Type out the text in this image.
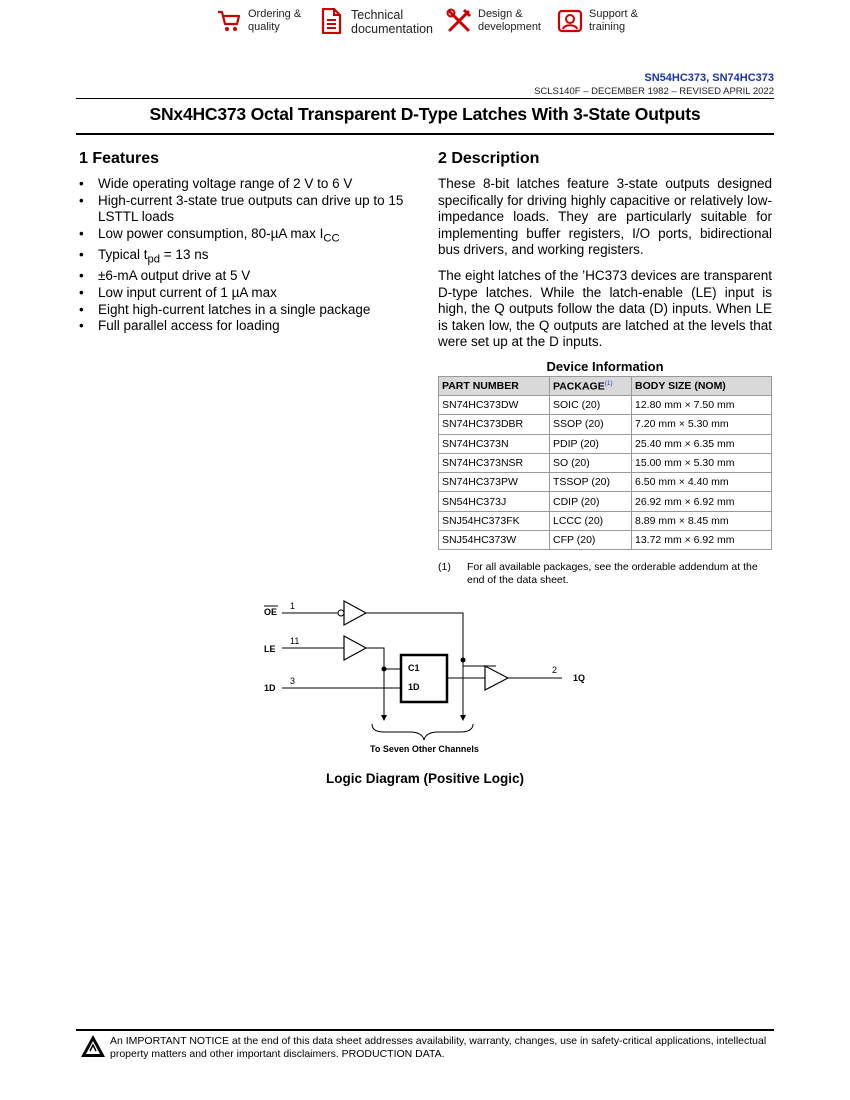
Ordering &
quality
Technical
documentation
Design &
development
Support &
training
SN54HC373, SN74HC373
SCLS140F – DECEMBER 1982 – REVISED APRIL 2022
SNx4HC373 Octal Transparent D-Type Latches With 3-State Outputs
1 Features
• Wide operating voltage range of 2 V to 6 V
• High-current 3-state true outputs can drive up to 15 LSTTL loads
• Low power consumption, 80-µA $\max I_{CC}$
• Typical $t_{pd} = 13$ ns
• ±6-mA output drive at 5 V
• Low input current of 1 µA max
• Eight high-current latches in a single package
• Full parallel access for loading
2 Description

These 8-bit latches feature 3-state outputs designed specifically for driving highly capacitive or relatively low-impedance loads. They are particularly suitable for implementing buffer registers, I/O ports, bidirectional bus drivers, and working registers.

The eight latches of the ’HC373 devices are transparent D-type latches. While the latch-enable (LE) input is high, the Q outputs follow the data (D) inputs. When LE is taken low, the Q outputs are latched at the levels that were set up at the D inputs.

Device Information
PART NUMBER	PACKAGE$^{(1)}$	BODY SIZE (NOM)
SN74HC373DW	SOIC (20)	12.80 mm × 7.50 mm
SN74HC373DBR	SSOP (20)	7.20 mm × 5.30 mm
SN74HC373N	PDIP (20)	25.40 mm × 6.35 mm
SN74HC373NSR	SO (20)	15.00 mm × 5.30 mm
SN74HC373PW	TSSOP (20)	6.50 mm × 4.40 mm
SN54HC373J	CDIP (20)	26.92 mm × 6.92 mm
SNJ54HC373FK	LCCC (20)	8.89 mm × 8.45 mm
SNJ54HC373W	CFP (20)	13.72 mm × 6.92 mm
(1)	For all available packages, see the orderable addendum at the end of the data sheet.
OE
1
LE
11
1D
3
C1
1D
2
1Q
To Seven Other Channels
Logic Diagram (Positive Logic)
An IMPORTANT NOTICE at the end of this data sheet addresses availability, warranty, changes, use in safety-critical applications, intellectual property matters and other important disclaimers. PRODUCTION DATA.
